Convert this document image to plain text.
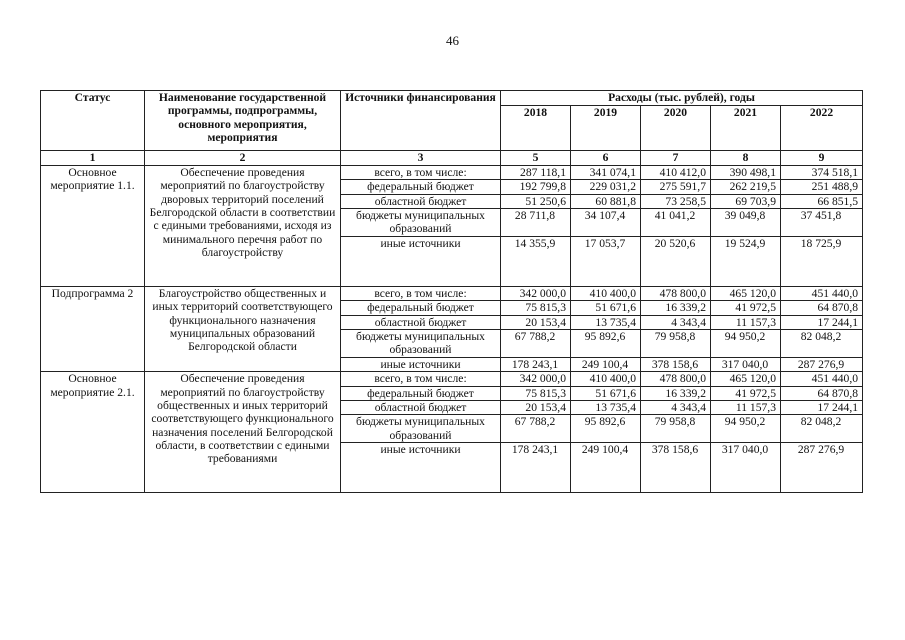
46
Статус	Наименование государственной программы, подпрограммы, основного мероприятия, мероприятия	Источники финансирования	Расходы (тыс. рублей), годы				
			2018	2019	2020	2021	2022
1	2	3	5	6	7	8	9
Основное мероприятие 1.1.	Обеспечение проведения мероприятий по благоустройству дворовых территорий поселений Белгородской области в соответствии с едиными требованиями, исходя из минимального перечня работ по благоустройству	всего, в том числе:	287 118,1	341 074,1	410 412,0	390 498,1	374 518,1
		федеральный бюджет	192 799,8	229 031,2	275 591,7	262 219,5	251 488,9
		областной бюджет	51 250,6	60 881,8	73 258,5	69 703,9	66 851,5
		бюджеты муниципальных образований	28 711,8	34 107,4	41 041,2	39 049,8	37 451,8
		иные источники	14 355,9	17 053,7	20 520,6	19 524,9	18 725,9
Подпрограмма 2	Благоустройство общественных и иных территорий соответствующего функционального назначения муниципальных образований Белгородской области	всего, в том числе:	342 000,0	410 400,0	478 800,0	465 120,0	451 440,0
		федеральный бюджет	75 815,3	51 671,6	16 339,2	41 972,5	64 870,8
		областной бюджет	20 153,4	13 735,4	4 343,4	11 157,3	17 244,1
		бюджеты муниципальных образований	67 788,2	95 892,6	79 958,8	94 950,2	82 048,2
		иные источники	178 243,1	249 100,4	378 158,6	317 040,0	287 276,9
Основное мероприятие 2.1.	Обеспечение проведения мероприятий по благоустройству общественных и иных территорий соответствующего функционального назначения поселений Белгородской области, в соответствии с едиными требованиями	всего, в том числе:	342 000,0	410 400,0	478 800,0	465 120,0	451 440,0
		федеральный бюджет	75 815,3	51 671,6	16 339,2	41 972,5	64 870,8
		областной бюджет	20 153,4	13 735,4	4 343,4	11 157,3	17 244,1
		бюджеты муниципальных образований	67 788,2	95 892,6	79 958,8	94 950,2	82 048,2
		иные источники	178 243,1	249 100,4	378 158,6	317 040,0	287 276,9
